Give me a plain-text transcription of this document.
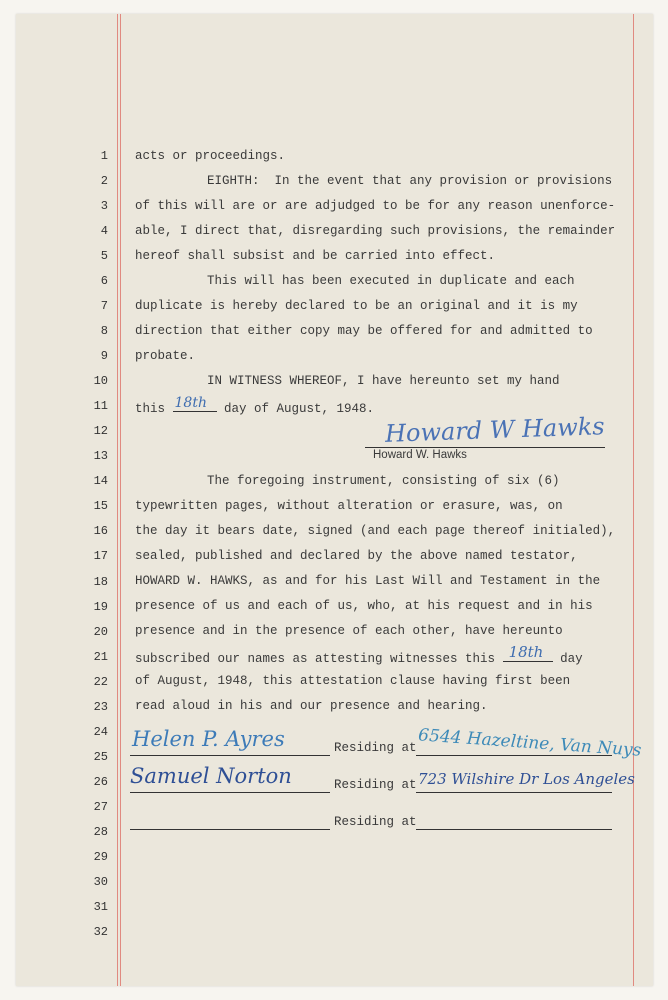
1
2
3
4
5
6
7
8
9
10
11
12
13
14
15
16
17
18
19
20
21
22
23
24
25
26
27
28
29
30
31
32
acts or proceedings.
EIGHTH:  In the event that any provision or provisions
of this will are or are adjudged to be for any reason unenforce-
able, I direct that, disregarding such provisions, the remainder
hereof shall subsist and be carried into effect.
This will has been executed in duplicate and each
duplicate is hereby declared to be an original and it is my
direction that either copy may be offered for and admitted to
probate.
IN WITNESS WHEREOF, I have hereunto set my hand
this 18th day of August, 1948.
Howard W Hawks
Howard W. Hawks
The foregoing instrument, consisting of six (6)
typewritten pages, without alteration or erasure, was, on
the day it bears date, signed (and each page thereof initialed),
sealed, published and declared by the above named testator,
HOWARD W. HAWKS, as and for his Last Will and Testament in the
presence of us and each of us, who, at his request and in his
presence and in the presence of each other, have hereunto
subscribed our names as attesting witnesses this 18th day
of August, 1948, this attestation clause having first been
read aloud in his and our presence and hearing.
Helen P. Ayres	Residing at 6544 Hazeltine, Van Nuys
Samuel Norton	Residing at 723 Wilshire Dr Los Angeles
Residing at
